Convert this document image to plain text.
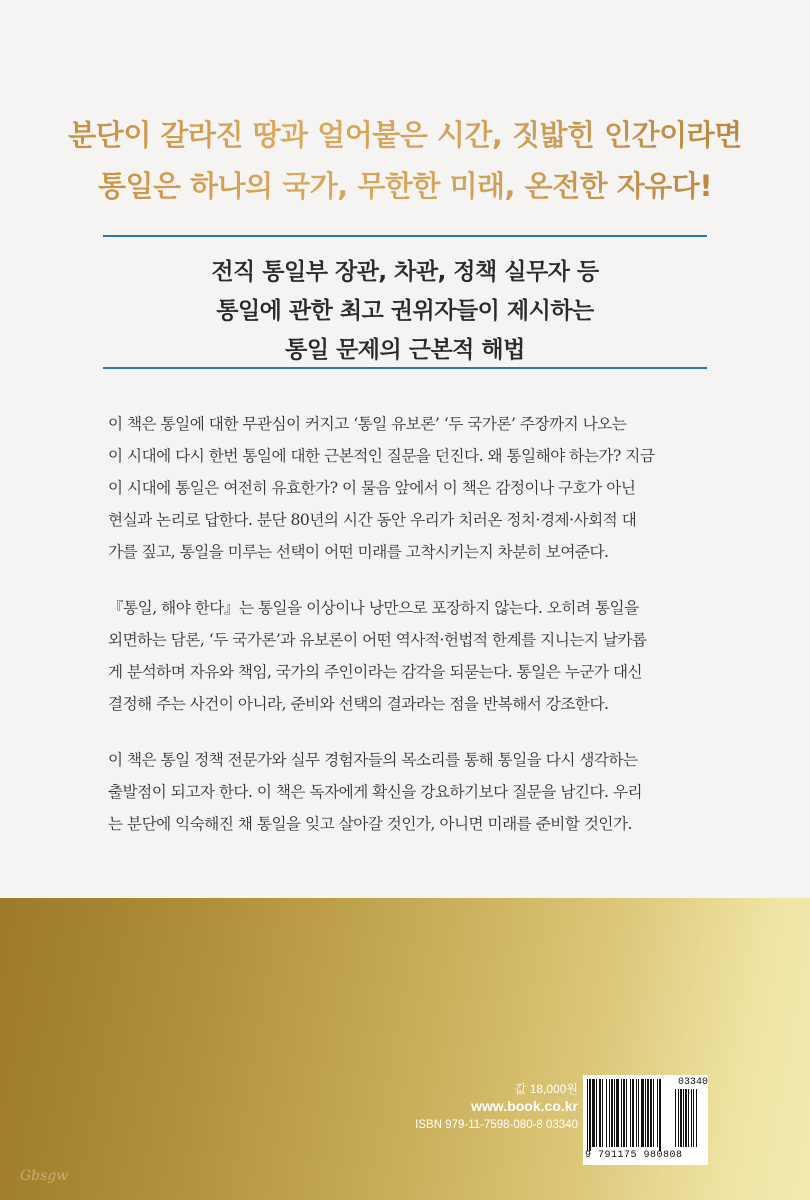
분단이 갈라진 땅과 얼어붙은 시간, 짓밟힌 인간이라면
통일은 하나의 국가, 무한한 미래, 온전한 자유다!
전직 통일부 장관, 차관, 정책 실무자 등
통일에 관한 최고 권위자들이 제시하는
통일 문제의 근본적 해법
이 책은 통일에 대한 무관심이 커지고 ‘통일 유보론’ ‘두 국가론’ 주장까지 나오는
이 시대에 다시 한번 통일에 대한 근본적인 질문을 던진다. 왜 통일해야 하는가? 지금
이 시대에 통일은 여전히 유효한가? 이 물음 앞에서 이 책은 감정이나 구호가 아닌
현실과 논리로 답한다. 분단 80년의 시간 동안 우리가 치러온 정치·경제·사회적 대
가를 짚고, 통일을 미루는 선택이 어떤 미래를 고착시키는지 차분히 보여준다.
『통일, 해야 한다』는 통일을 이상이나 낭만으로 포장하지 않는다. 오히려 통일을
외면하는 담론, ‘두 국가론’과 유보론이 어떤 역사적·헌법적 한계를 지니는지 날카롭
게 분석하며 자유와 책임, 국가의 주인이라는 감각을 되묻는다. 통일은 누군가 대신
결정해 주는 사건이 아니라, 준비와 선택의 결과라는 점을 반복해서 강조한다.
이 책은 통일 정책 전문가와 실무 경험자들의 목소리를 통해 통일을 다시 생각하는
출발점이 되고자 한다. 이 책은 독자에게 확신을 강요하기보다 질문을 남긴다. 우리
는 분단에 익숙해진 채 통일을 잊고 살아갈 것인가, 아니면 미래를 준비할 것인가.
값 18,000원
www.book.co.kr
ISBN 979-11-7598-080-8 03340
03340
9 791175 980808
Gbsgw
